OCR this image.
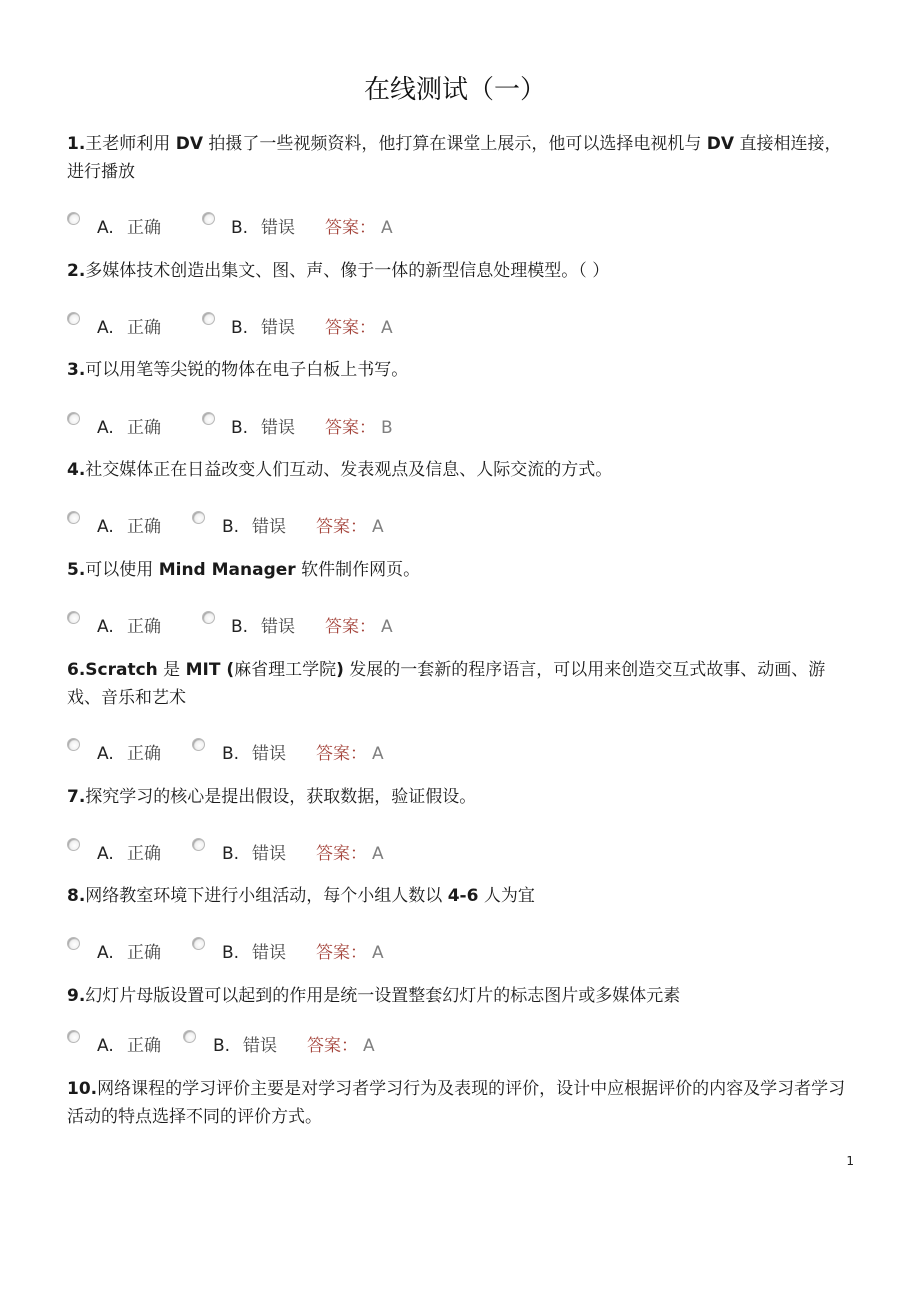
在线测试（一）
1.王老师利用 DV 拍摄了一些视频资料，他打算在课堂上展示，他可以选择电视机与 DV 直接相连接，进行播放
A. 正确	B. 错误 答案： A
2.多媒体技术创造出集文、图、声、像于一体的新型信息处理模型。（ ）
A. 正确	B. 错误 答案： A
3.可以用笔等尖锐的物体在电子白板上书写。
A. 正确	B. 错误 答案： B
4.社交媒体正在日益改变人们互动、发表观点及信息、人际交流的方式。
A. 正确	B. 错误 答案： A
5.可以使用 Mind Manager 软件制作网页。
A. 正确	B. 错误 答案： A
6.Scratch 是 MIT (麻省理工学院) 发展的一套新的程序语言，可以用来创造交互式故事、动画、游戏、音乐和艺术
A. 正确	B. 错误 答案： A
7.探究学习的核心是提出假设，获取数据，验证假设。
A. 正确	B. 错误 答案： A
8.网络教室环境下进行小组活动，每个小组人数以 4-6 人为宜
A. 正确	B. 错误 答案： A
9.幻灯片母版设置可以起到的作用是统一设置整套幻灯片的标志图片或多媒体元素
A. 正确	B. 错误 答案： A
10.网络课程的学习评价主要是对学习者学习行为及表现的评价，设计中应根据评价的内容及学习者学习活动的特点选择不同的评价方式。
1
